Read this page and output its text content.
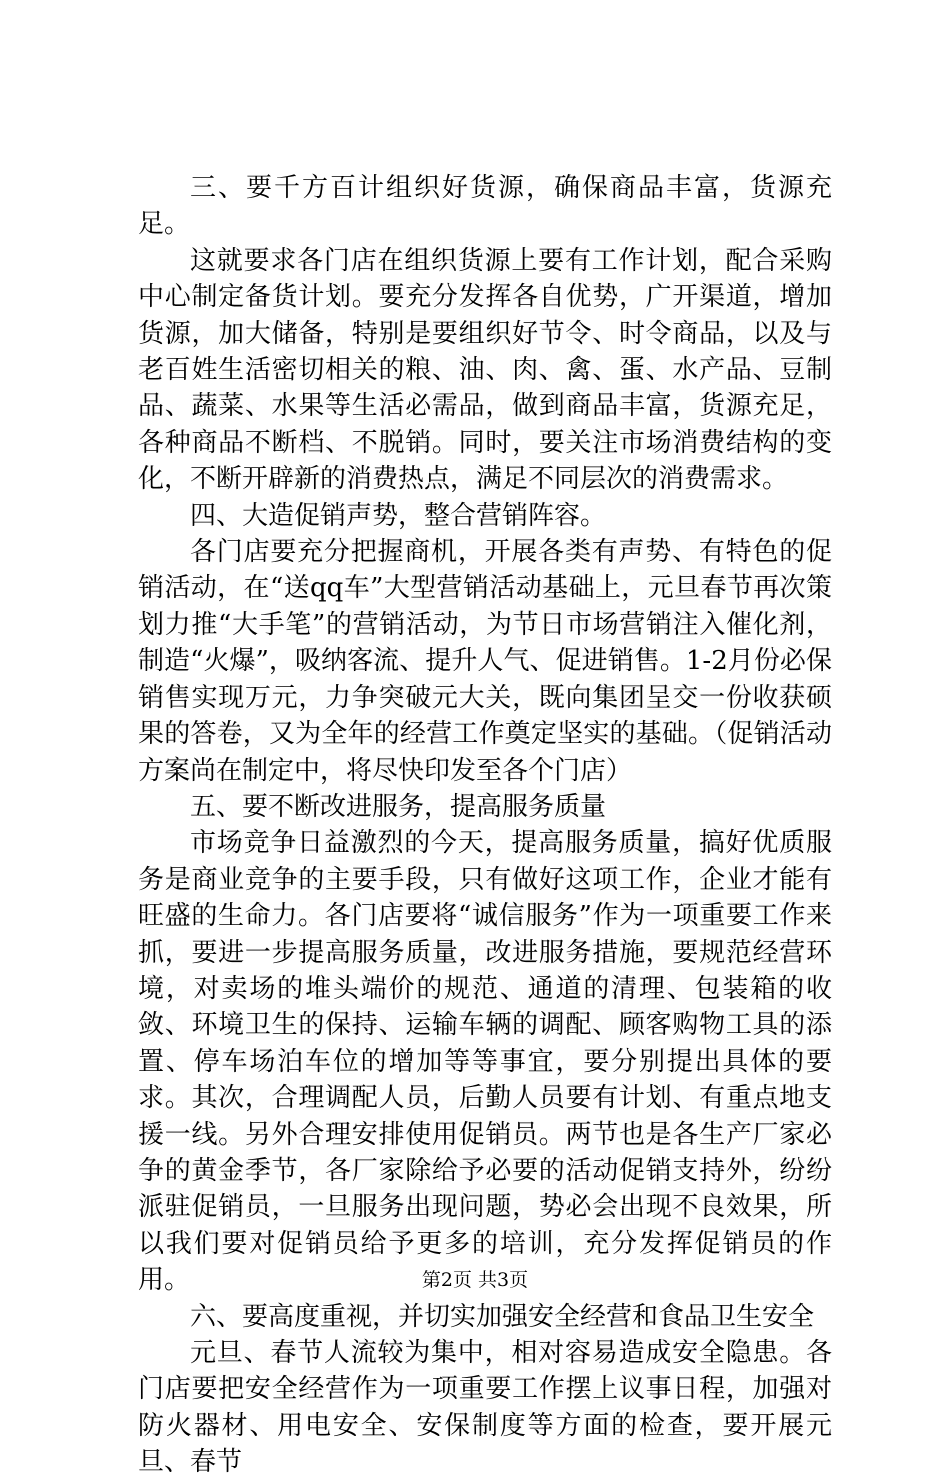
三、要千方百计组织好货源，确保商品丰富，货源充足。

这就要求各门店在组织货源上要有工作计划，配合采购中心制定备货计划。要充分发挥各自优势，广开渠道，增加货源，加大储备，特别是要组织好节令、时令商品，以及与老百姓生活密切相关的粮、油、肉、禽、蛋、水产品、豆制品、蔬菜、水果等生活必需品，做到商品丰富，货源充足，各种商品不断档、不脱销。同时，要关注市场消费结构的变化，不断开辟新的消费热点，满足不同层次的消费需求。

四、大造促销声势，整合营销阵容。

各门店要充分把握商机，开展各类有声势、有特色的促销活动，在“送qq车”大型营销活动基础上，元旦春节再次策划力推“大手笔”的营销活动，为节日市场营销注入催化剂，制造“火爆”，吸纳客流、提升人气、促进销售。1-2月份必保销售实现万元，力争突破元大关，既向集团呈交一份收获硕果的答卷，又为全年的经营工作奠定坚实的基础。（促销活动方案尚在制定中，将尽快印发至各个门店）

五、要不断改进服务，提高服务质量

市场竞争日益激烈的今天，提高服务质量，搞好优质服务是商业竞争的主要手段，只有做好这项工作，企业才能有旺盛的生命力。各门店要将“诚信服务”作为一项重要工作来抓，要进一步提高服务质量，改进服务措施，要规范经营环境，对卖场的堆头端价的规范、通道的清理、包装箱的收敛、环境卫生的保持、运输车辆的调配、顾客购物工具的添置、停车场泊车位的增加等等事宜，要分别提出具体的要求。其次，合理调配人员，后勤人员要有计划、有重点地支援一线。另外合理安排使用促销员。两节也是各生产厂家必争的黄金季节，各厂家除给予必要的活动促销支持外，纷纷派驻促销员，一旦服务出现问题，势必会出现不良效果，所以我们要对促销员给予更多的培训，充分发挥促销员的作用。

六、要高度重视，并切实加强安全经营和食品卫生安全

元旦、春节人流较为集中，相对容易造成安全隐患。各门店要把安全经营作为一项重要工作摆上议事日程，加强对防火器材、用电安全、安保制度等方面的检查，要开展元旦、春节

第2页 共3页
